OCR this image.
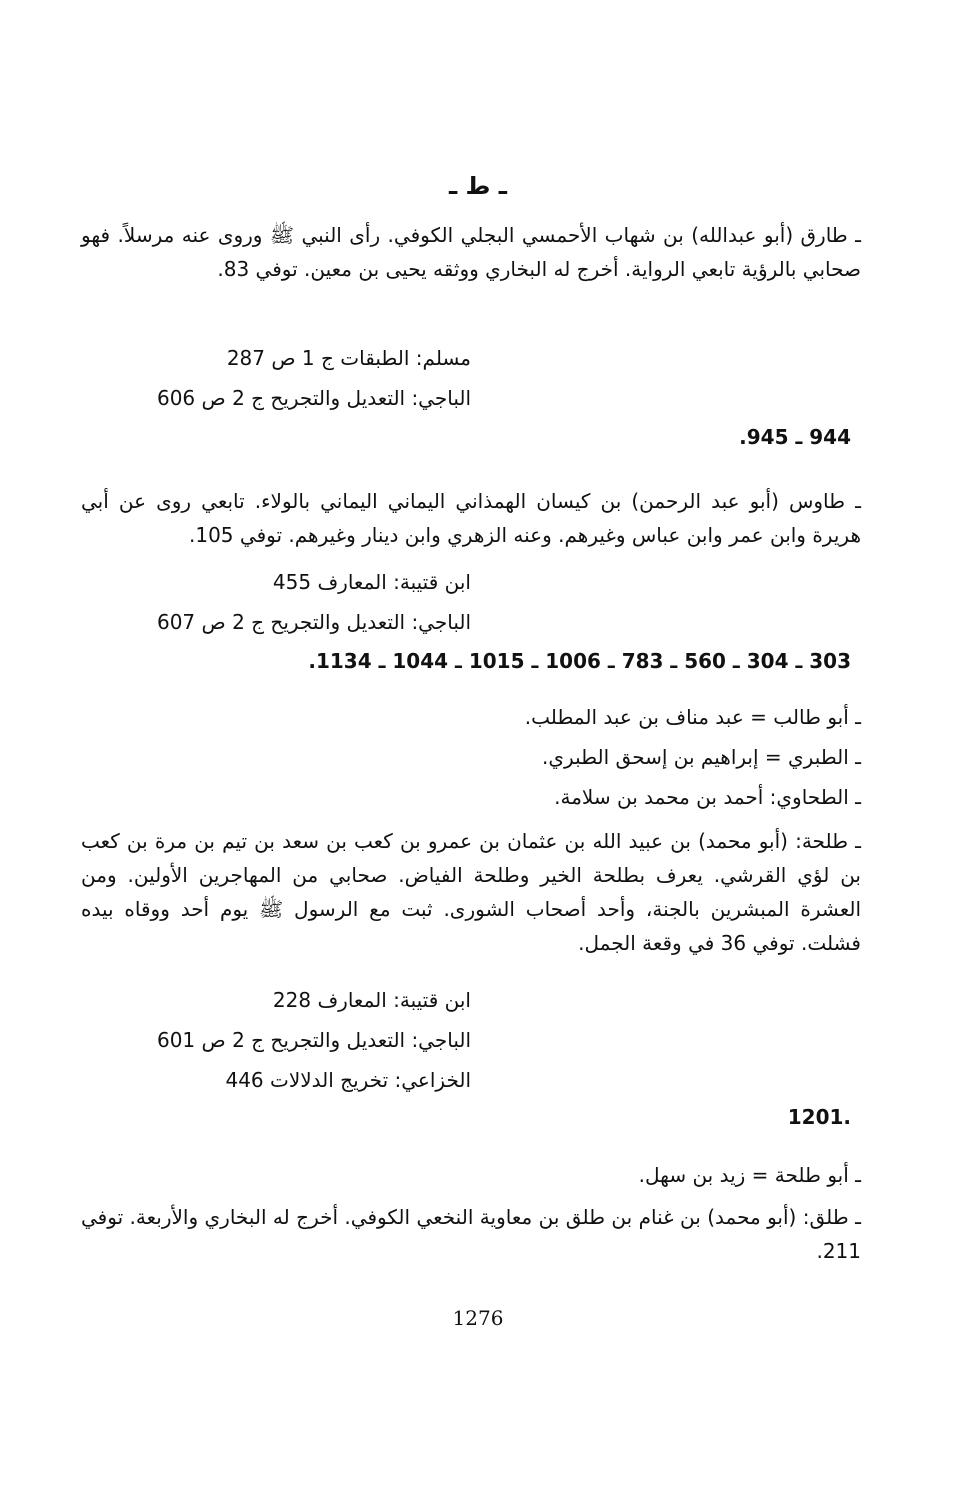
ـ ط ـ
ـ طارق (أبو عبدالله) بن شهاب الأحمسي البجلي الكوفي. رأى النبي ﷺ وروى عنه مرسلاً. فهو صحابي بالرؤية تابعي الرواية. أخرج له البخاري ووثقه يحيى بن معين. توفي 83.
مسلم: الطبقات ج 1 ص 287
الباجي: التعديل والتجريح ج 2 ص 606
944 ـ 945.
ـ طاوس (أبو عبد الرحمن) بن كيسان الهمذاني اليماني اليماني بالولاء. تابعي روى عن أبي هريرة وابن عمر وابن عباس وغيرهم. وعنه الزهري وابن دينار وغيرهم. توفي 105.
ابن قتيبة: المعارف 455
الباجي: التعديل والتجريح ج 2 ص 607
303 ـ 304 ـ 560 ـ 783 ـ 1006 ـ 1015 ـ 1044 ـ 1134.
ـ أبو طالب = عبد مناف بن عبد المطلب.
ـ الطبري = إبراهيم بن إسحق الطبري.
ـ الطحاوي: أحمد بن محمد بن سلامة.
ـ طلحة: (أبو محمد) بن عبيد الله بن عثمان بن عمرو بن كعب بن سعد بن تيم بن مرة بن كعب بن لؤي القرشي. يعرف بطلحة الخير وطلحة الفياض. صحابي من المهاجرين الأولين. ومن العشرة المبشرين بالجنة، وأحد أصحاب الشورى. ثبت مع الرسول ﷺ يوم أحد ووقاه بيده فشلت. توفي 36 في وقعة الجمل.
ابن قتيبة: المعارف 228
الباجي: التعديل والتجريح ج 2 ص 601
الخزاعي: تخريج الدلالات 446
1201.
ـ أبو طلحة = زيد بن سهل.
ـ طلق: (أبو محمد) بن غنام بن طلق بن معاوية النخعي الكوفي. أخرج له البخاري والأربعة. توفي 211.
1276
